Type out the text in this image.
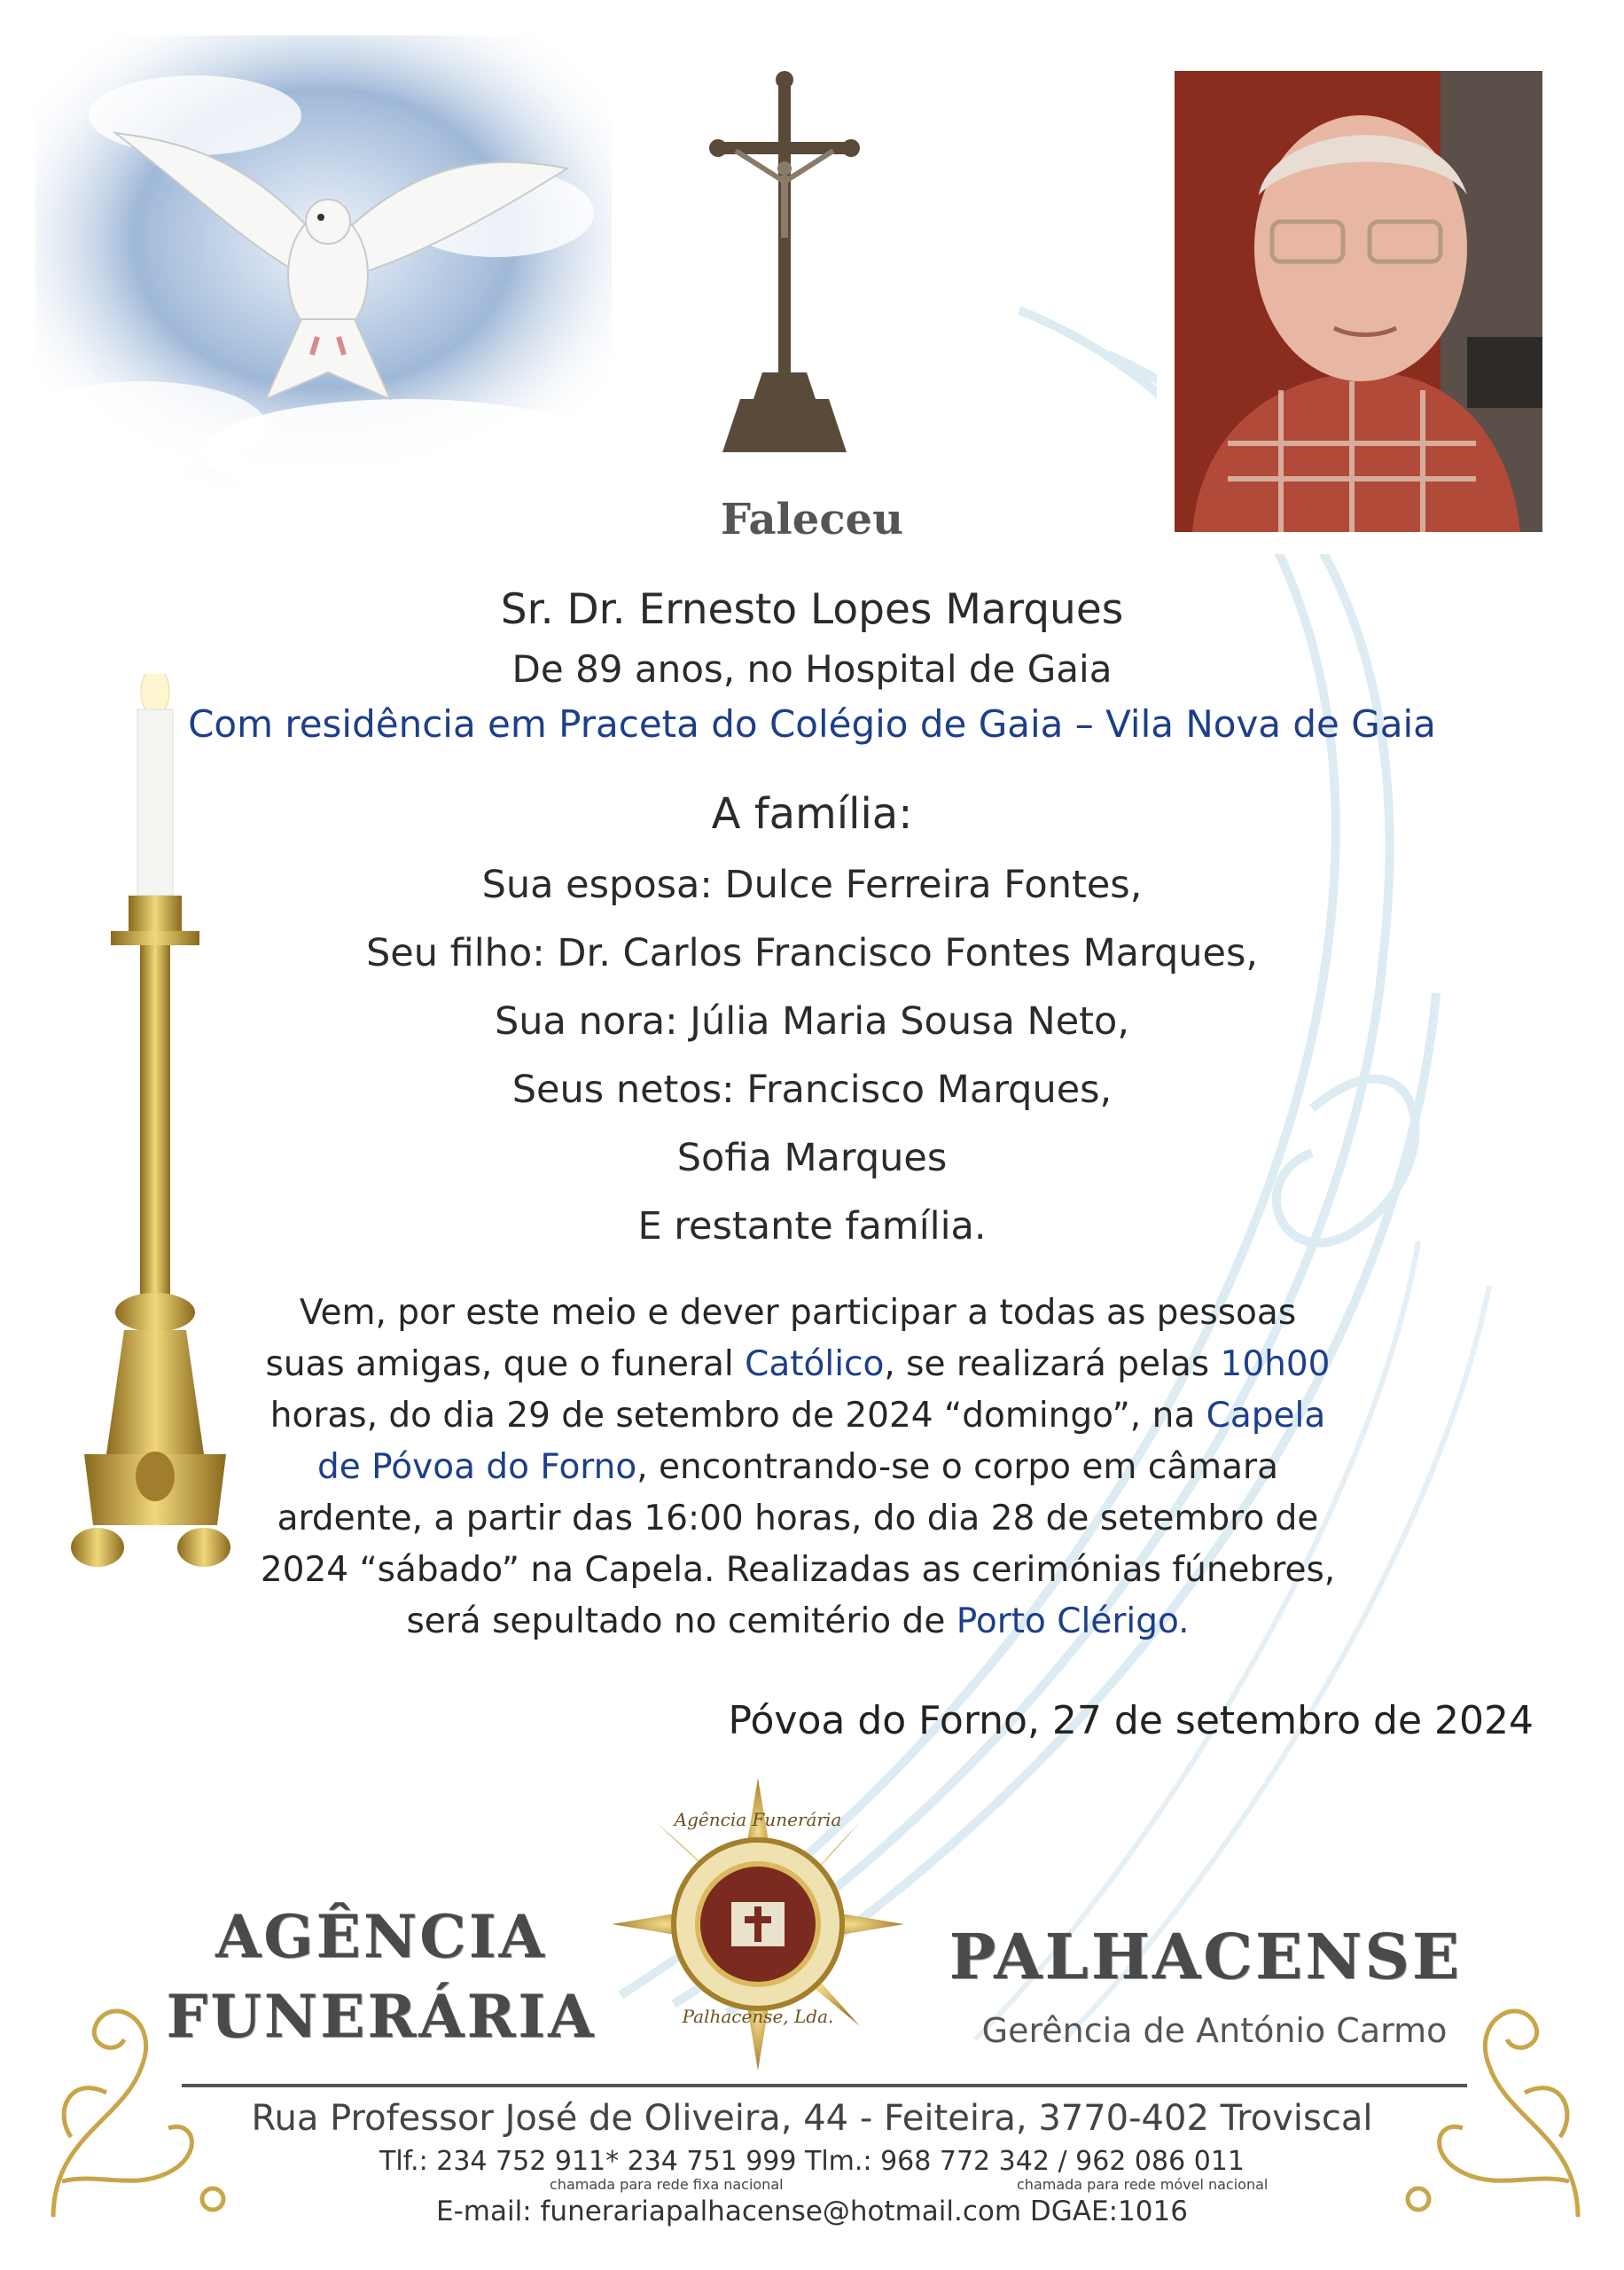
Faleceu
Sr. Dr. Ernesto Lopes Marques
De 89 anos, no Hospital de Gaia
Com residência em Praceta do Colégio de Gaia – Vila Nova de Gaia
A família:
Sua esposa: Dulce Ferreira Fontes,
Seu filho: Dr. Carlos Francisco Fontes Marques,
Sua nora: Júlia Maria Sousa Neto,
Seus netos: Francisco Marques,
Sofia Marques
E restante família.
Vem, por este meio e dever participar a todas as pessoas suas amigas, que o funeral Católico, se realizará pelas 10h00 horas, do dia 29 de setembro de 2024 “domingo”, na Capela de Póvoa do Forno, encontrando-se o corpo em câmara ardente, a partir das 16:00 horas, do dia 28 de setembro de 2024 “sábado” na Capela. Realizadas as cerimónias fúnebres, será sepultado no cemitério de Porto Clérigo.
Póvoa do Forno, 27 de setembro de 2024
Agência Funerária
Palhacense, Lda.
AGÊNCIA
FUNERÁRIA
PALHACENSE
Gerência de António Carmo
Rua Professor José de Oliveira, 44 - Feiteira, 3770-402 Troviscal
Tlf.: 234 752 911* 234 751 999 Tlm.: 968 772 342 / 962 086 011
chamada para rede fixa nacional	chamada para rede móvel nacional
E-mail: funerariapalhacense@hotmail.com DGAE:1016
